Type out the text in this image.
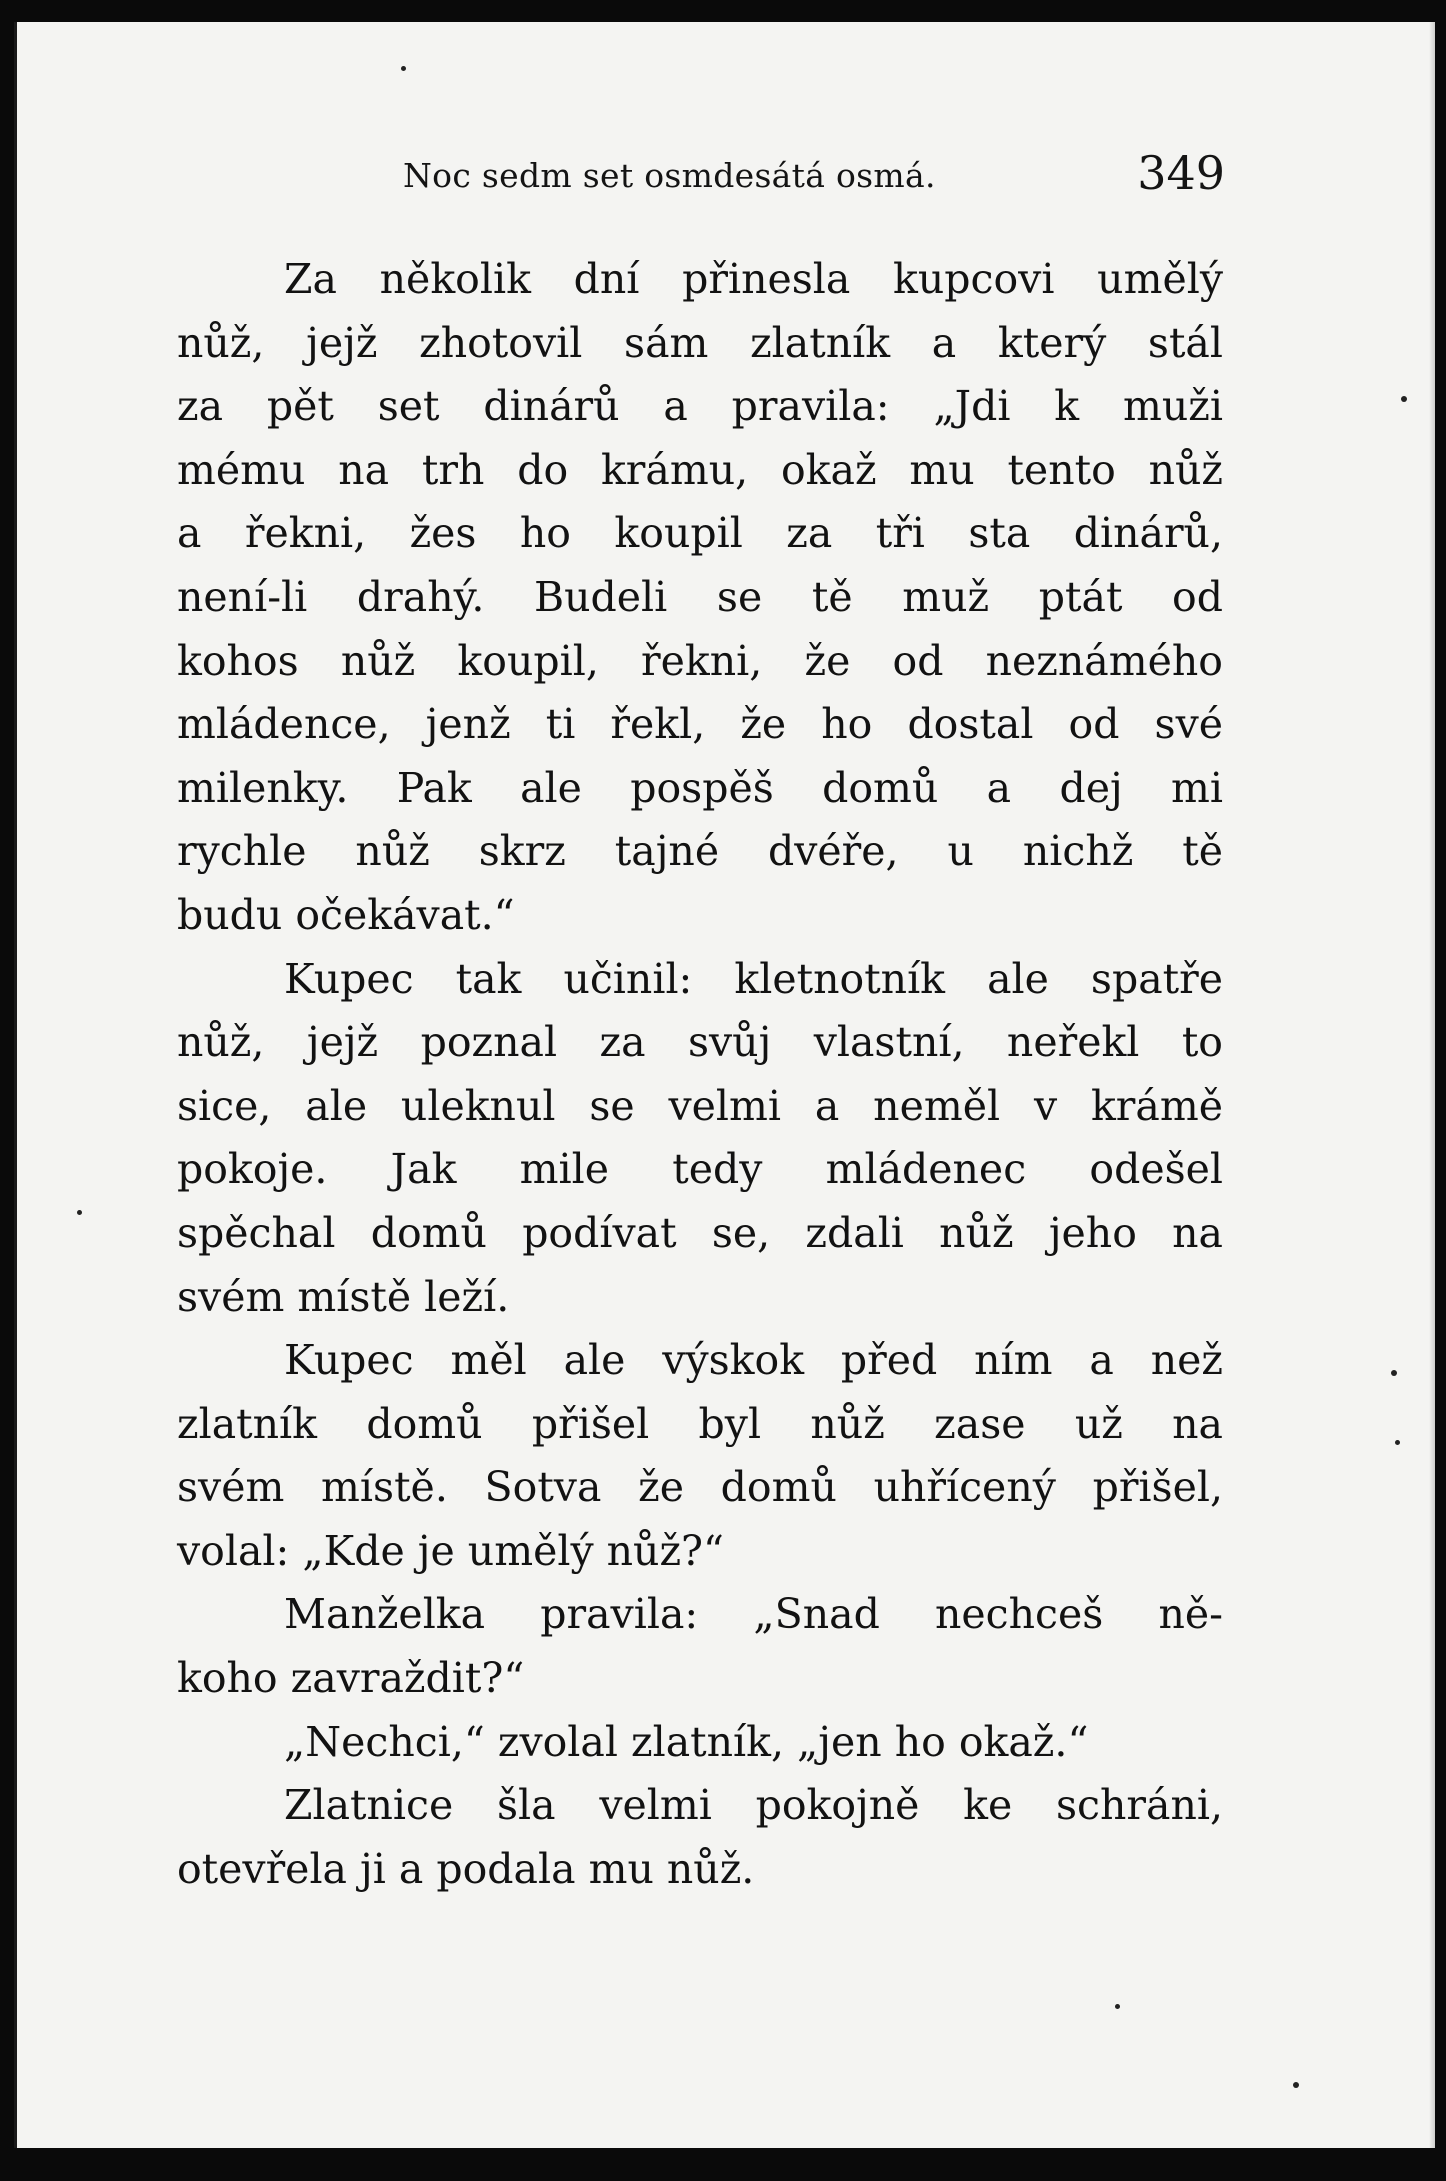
Noc sedm set osmdesátá osmá.	349
Za několik dní přinesla kupcovi umělý
nůž, jejž zhotovil sám zlatník a který stál
za pět set dinárů a pravila: „Jdi k muži
mému na trh do krámu, okaž mu tento nůž
a řekni, žes ho koupil za tři sta dinárů,
není-li drahý. Budeli se tě muž ptát od
kohos nůž koupil, řekni, že od neznámého
mládence, jenž ti řekl, že ho dostal od své
milenky. Pak ale pospěš domů a dej mi
rychle nůž skrz tajné dvéře, u nichž tě
budu očekávat.“
Kupec tak učinil: kletnotník ale spatře
nůž, jejž poznal za svůj vlastní, neřekl to
sice, ale uleknul se velmi a neměl v krámě
pokoje. Jak mile tedy mládenec odešel
spěchal domů podívat se, zdali nůž jeho na
svém místě leží.
Kupec měl ale výskok před ním a než
zlatník domů přišel byl nůž zase už na
svém místě. Sotva že domů uhřícený přišel,
volal: „Kde je umělý nůž?“
Manželka pravila: „Snad nechceš ně-
koho zavraždit?“
„Nechci,“ zvolal zlatník, „jen ho okaž.“
Zlatnice šla velmi pokojně ke schráni,
otevřela ji a podala mu nůž.
